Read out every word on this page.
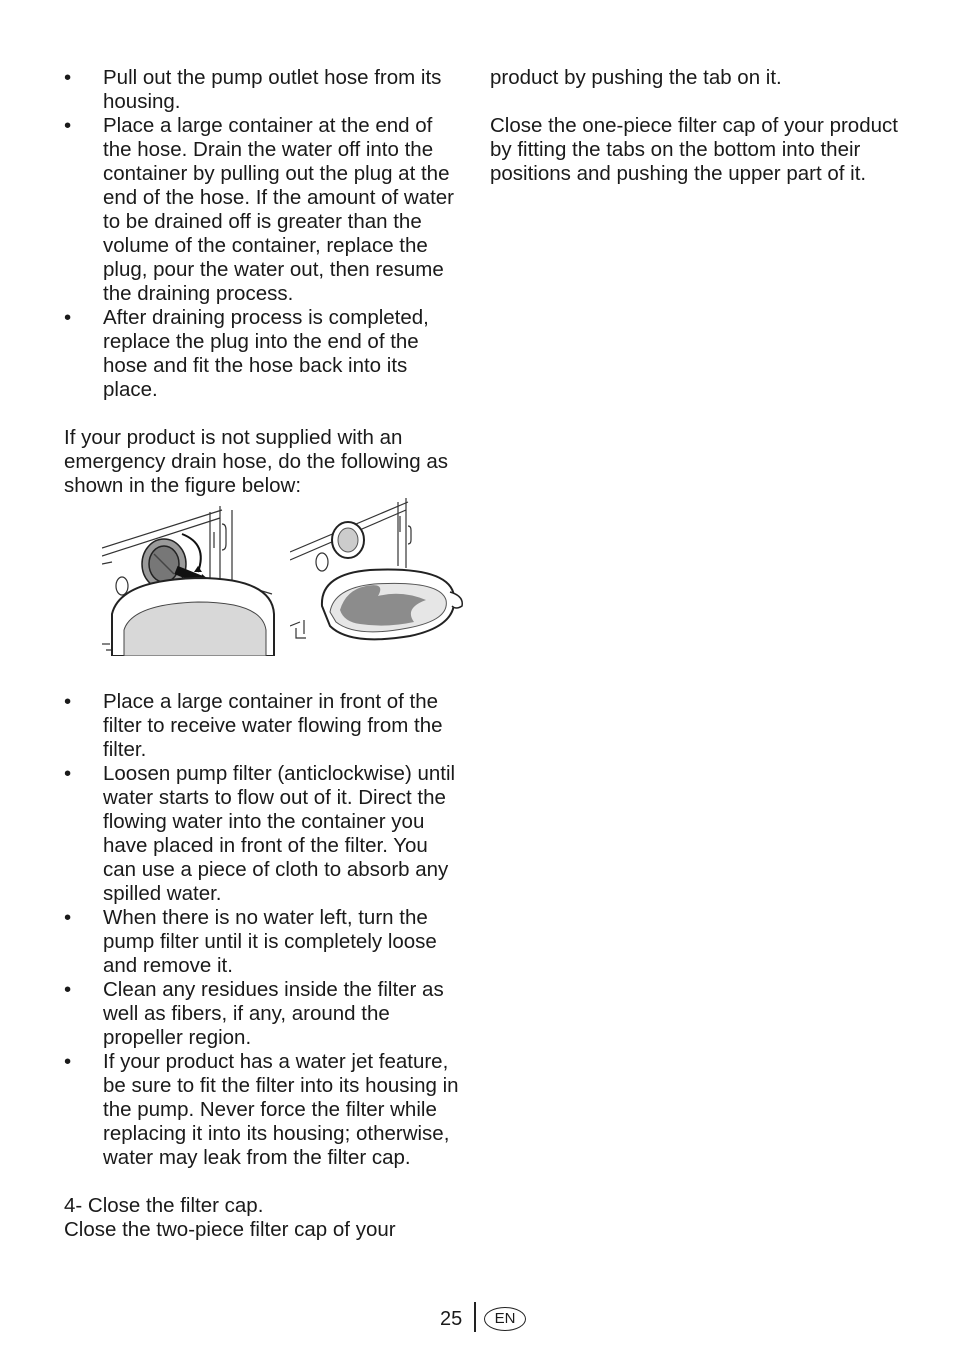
•	Pull out the pump outlet hose from its housing.
•	Place a large container at the end of the hose. Drain the water off into the container by pulling out the plug at the end of the hose. If the amount of water to be drained off is greater than the volume of the container, replace the plug, pour the water out, then resume the draining process.
•	After draining process is completed, replace the plug into the end of the hose and fit the hose back into its place.

If your product is not supplied with an emergency drain hose, do the following as shown in the figure below:

•	Place a large container in front of the filter to receive water flowing from the filter.
•	Loosen pump filter (anticlockwise) until water starts to flow out of it. Direct the flowing water into the container you have placed in front of the filter. You can use a piece of cloth to absorb any spilled water.
•	When there is no water left, turn the pump filter until it is completely loose and remove it.
•	Clean any residues inside the filter as well as fibers, if any, around the propeller region.
•	If your product has a water jet feature, be sure to fit the filter into its housing in the pump. Never force the filter while replacing it into its housing; otherwise, water may leak from the filter cap.

4- Close the filter cap.

Close the two-piece filter cap of your

product by pushing the tab on it.

Close the one-piece filter cap of your product by fitting the tabs on the bottom into their positions and pushing the upper part of it.

25	EN
